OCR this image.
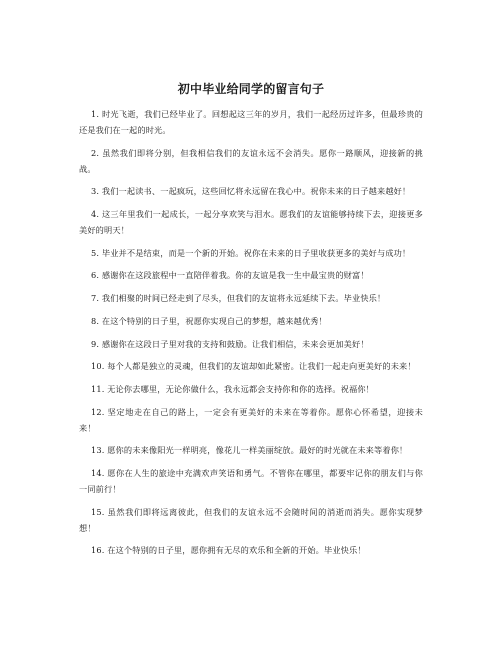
初中毕业给同学的留言句子
1. 时光飞逝，我们已经毕业了。回想起这三年的岁月，我们一起经历过许多，但最珍贵的还是我们在一起的时光。
2. 虽然我们即将分别，但我相信我们的友谊永远不会消失。愿你一路顺风，迎接新的挑战。
3. 我们一起读书、一起疯玩，这些回忆将永远留在我心中。祝你未来的日子越来越好！
4. 这三年里我们一起成长，一起分享欢笑与泪水。愿我们的友谊能够持续下去，迎接更多美好的明天！
5. 毕业并不是结束，而是一个新的开始。祝你在未来的日子里收获更多的美好与成功！
6. 感谢你在这段旅程中一直陪伴着我。你的友谊是我一生中最宝贵的财富！
7. 我们相聚的时间已经走到了尽头，但我们的友谊将永远延续下去。毕业快乐！
8. 在这个特别的日子里，祝愿你实现自己的梦想，越来越优秀！
9. 感谢你在这段日子里对我的支持和鼓励。让我们相信，未来会更加美好！
10. 每个人都是独立的灵魂，但我们的友谊却如此紧密。让我们一起走向更美好的未来！
11. 无论你去哪里，无论你做什么，我永远都会支持你和你的选择。祝福你！
12. 坚定地走在自己的路上，一定会有更美好的未来在等着你。愿你心怀希望，迎接未来！
13. 愿你的未来像阳光一样明亮，像花儿一样美丽绽放。最好的时光就在未来等着你！
14. 愿你在人生的旅途中充满欢声笑语和勇气。不管你在哪里，都要牢记你的朋友们与你一同前行！
15. 虽然我们即将远离彼此，但我们的友谊永远不会随时间的消逝而消失。愿你实现梦想！
16. 在这个特别的日子里，愿你拥有无尽的欢乐和全新的开始。毕业快乐！
